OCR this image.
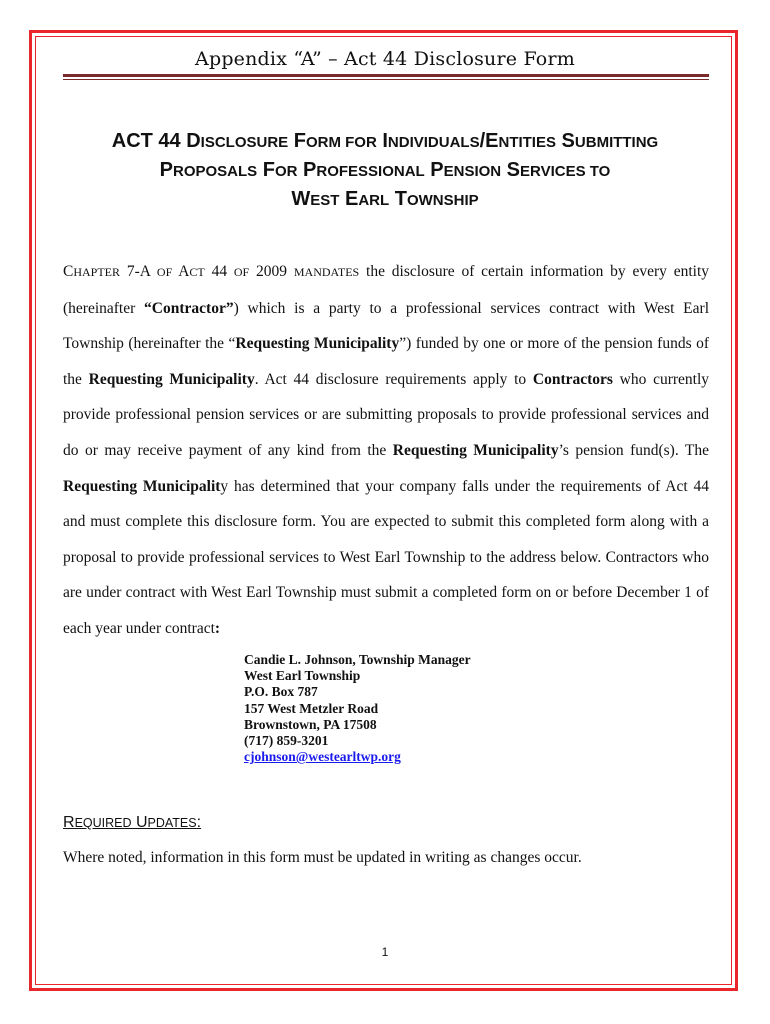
Appendix “A” – Act 44 Disclosure Form
ACT 44 DISCLOSURE FORM FOR INDIVIDUALS/ENTITIES SUBMITTING
PROPOSALS FOR PROFESSIONAL PENSION SERVICES TO
WEST EARL TOWNSHIP

CHAPTER 7-A OF ACT 44 OF 2009 MANDATES the disclosure of certain information by every entity (hereinafter “Contractor”) which is a party to a professional services contract with West Earl Township (hereinafter the “Requesting Municipality”) funded by one or more of the pension funds of the Requesting Municipality. Act 44 disclosure requirements apply to Contractors who currently provide professional pension services or are submitting proposals to provide professional services and do or may receive payment of any kind from the Requesting Municipality’s pension fund(s). The Requesting Municipality has determined that your company falls under the requirements of Act 44 and must complete this disclosure form. You are expected to submit this completed form along with a proposal to provide professional services to West Earl Township to the address below. Contractors who are under contract with West Earl Township must submit a completed form on or before December 1 of each year under contract:

Candie L. Johnson, Township Manager
West Earl Township
P.O. Box 787
157 West Metzler Road
Brownstown, PA 17508
(717) 859-3201
cjohnson@westearltwp.org
REQUIRED UPDATES:
Where noted, information in this form must be updated in writing as changes occur.
1
